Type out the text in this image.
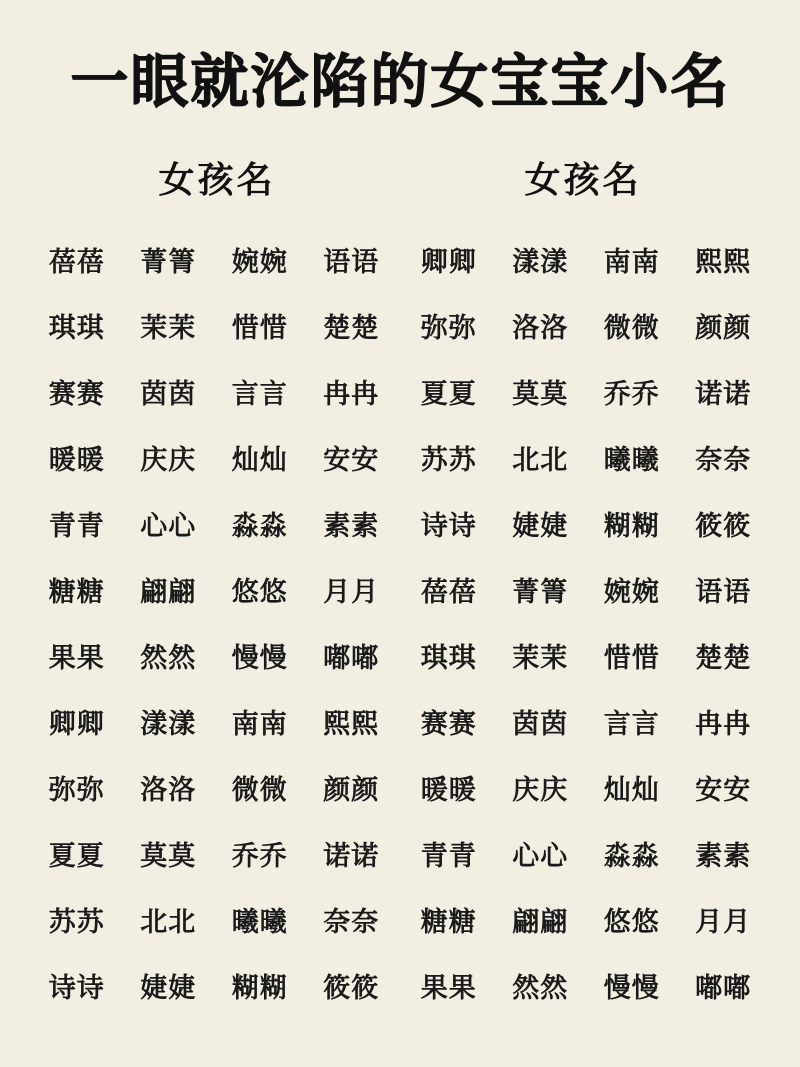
一眼就沦陷的女宝宝小名
女孩名
蓓蓓	菁箐	婉婉	语语
琪琪	茉茉	惜惜	楚楚
赛赛	茵茵	言言	冉冉
暖暖	庆庆	灿灿	安安
青青	心心	淼淼	素素
糖糖	翩翩	悠悠	月月
果果	然然	慢慢	嘟嘟
卿卿	漾漾	南南	熙熙
弥弥	洛洛	微微	颜颜
夏夏	莫莫	乔乔	诺诺
苏苏	北北	曦曦	奈奈
诗诗	婕婕	糊糊	筱筱
女孩名
卿卿	漾漾	南南	熙熙
弥弥	洛洛	微微	颜颜
夏夏	莫莫	乔乔	诺诺
苏苏	北北	曦曦	奈奈
诗诗	婕婕	糊糊	筱筱
蓓蓓	菁箐	婉婉	语语
琪琪	茉茉	惜惜	楚楚
赛赛	茵茵	言言	冉冉
暖暖	庆庆	灿灿	安安
青青	心心	淼淼	素素
糖糖	翩翩	悠悠	月月
果果	然然	慢慢	嘟嘟
